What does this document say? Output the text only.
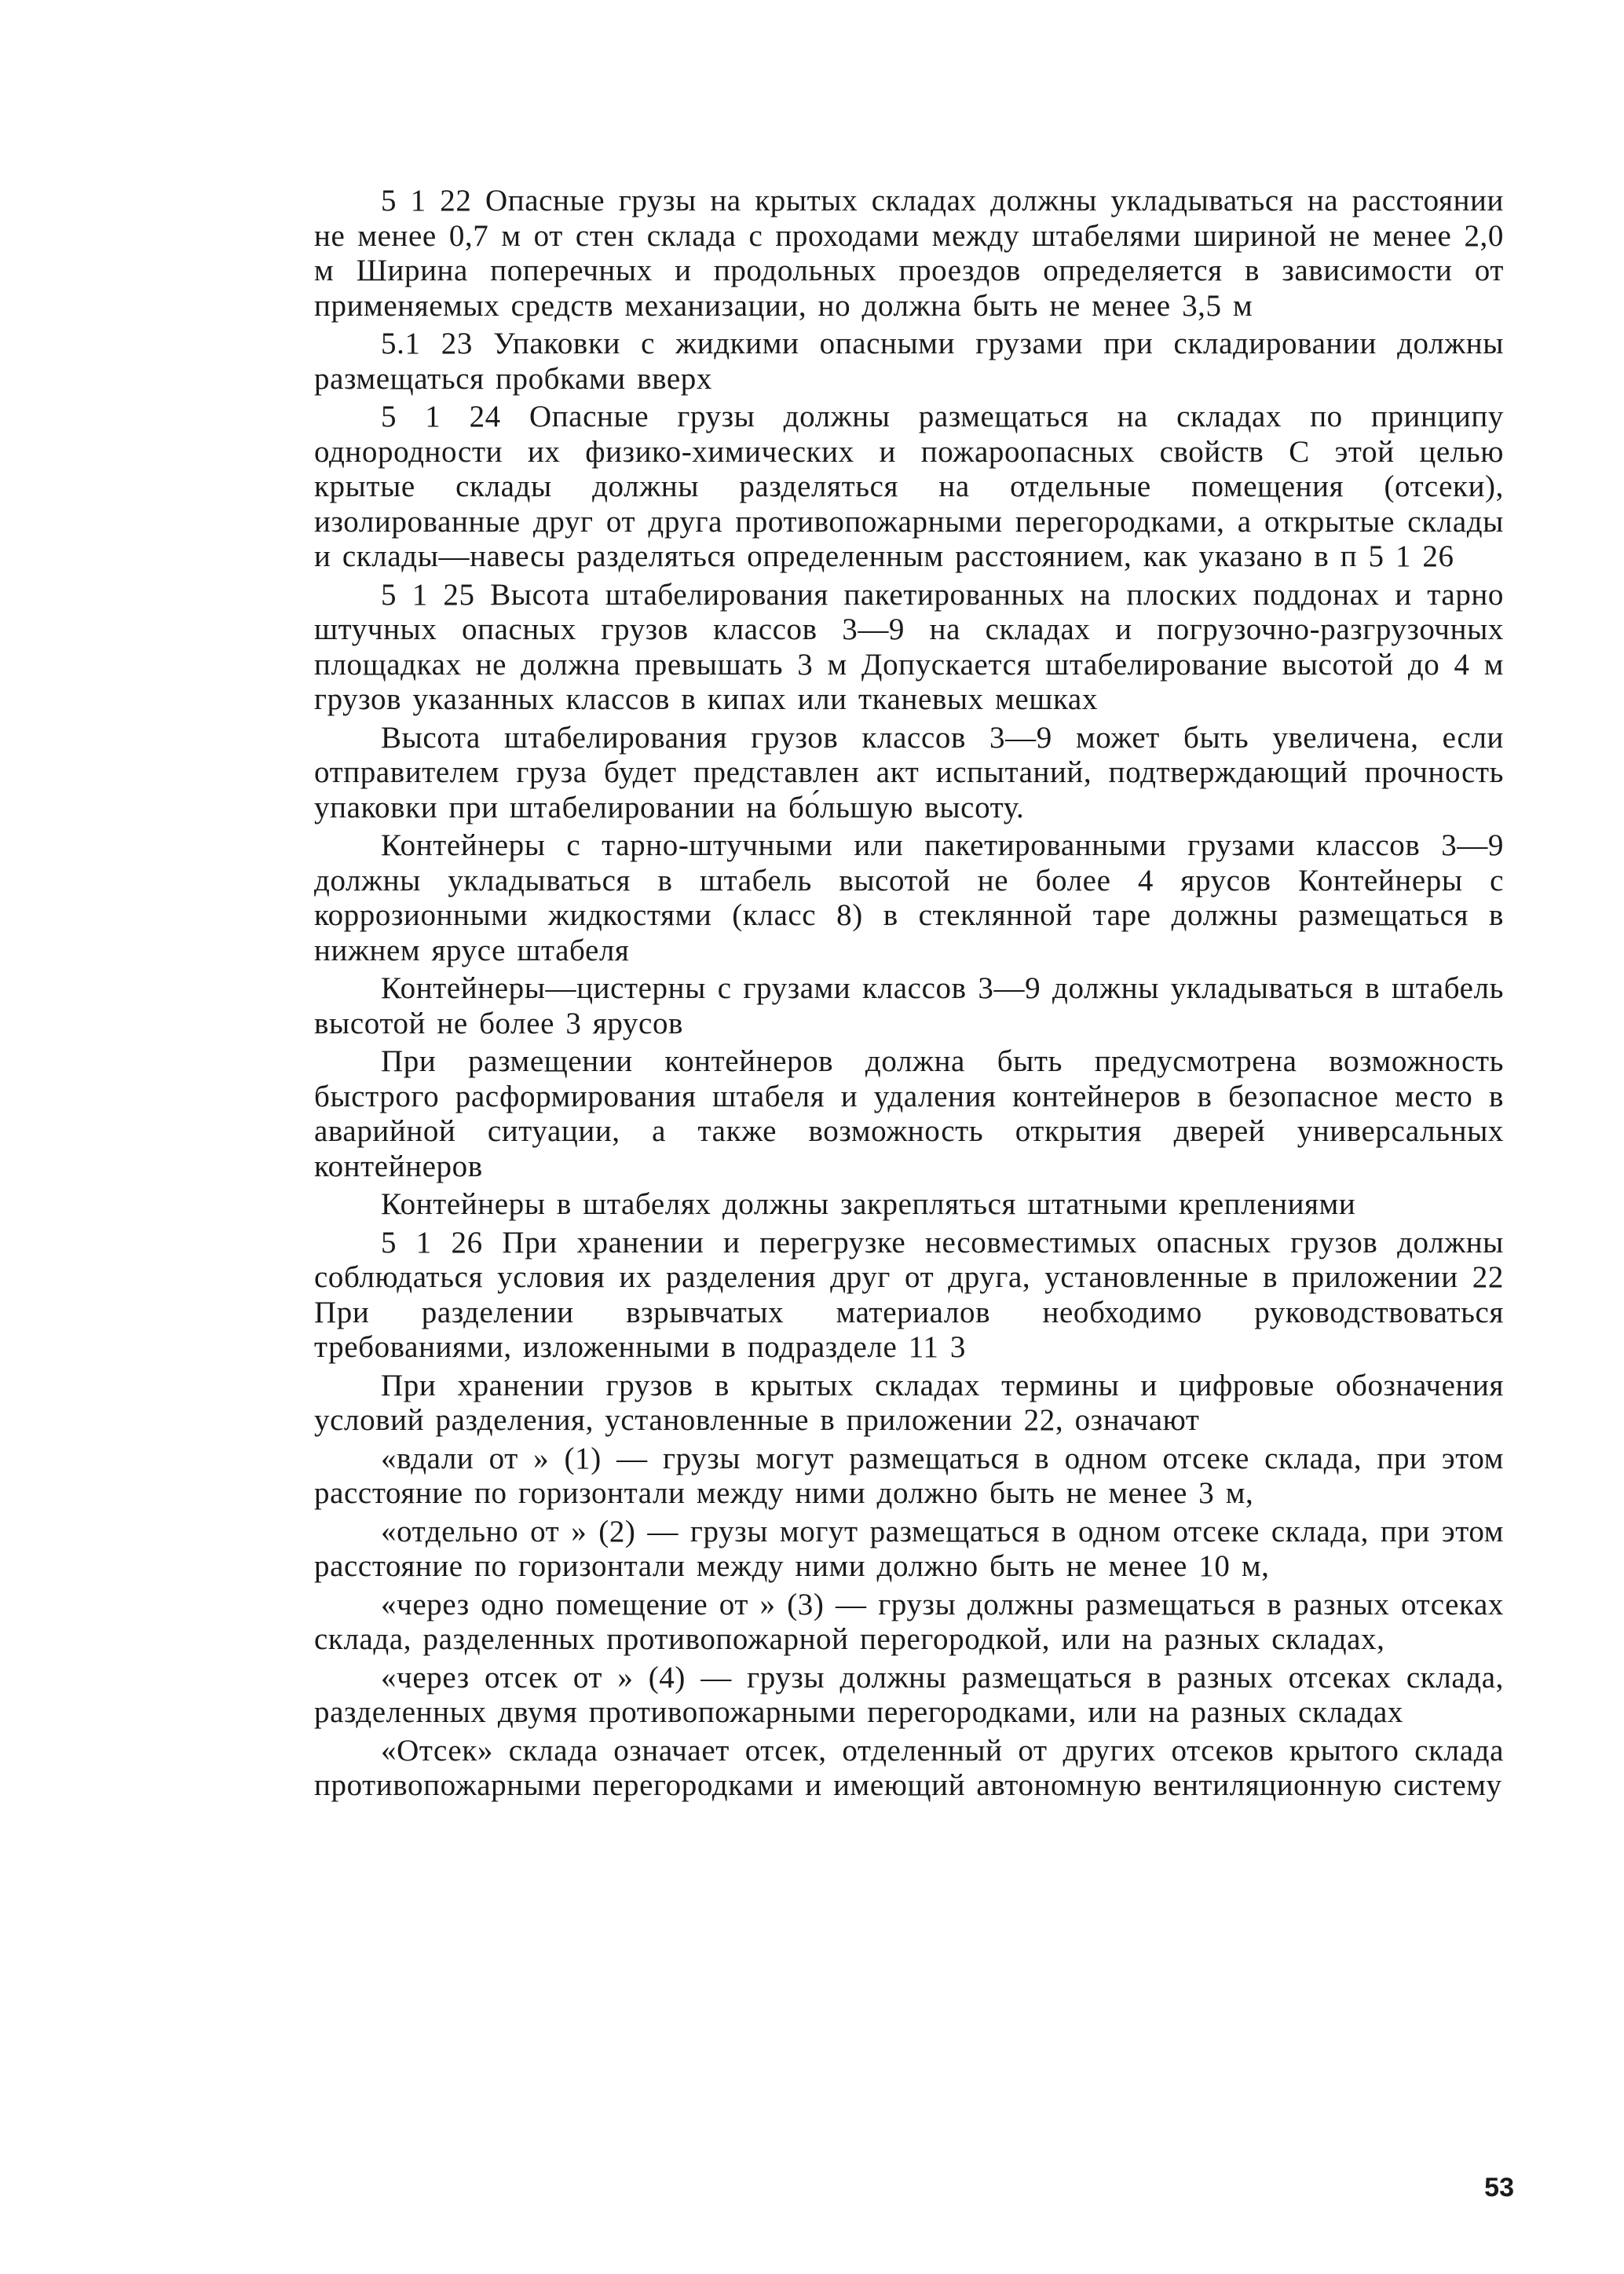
5 1 22 Опасные грузы на крытых складах должны укладываться на расстоянии не менее 0,7 м от стен склада с проходами между штабелями шириной не менее 2,0 м Ширина поперечных и продольных проездов определяется в зависимости от применяемых средств механизации, но должна быть не менее 3,5 м

5.1 23 Упаковки с жидкими опасными грузами при складировании должны размещаться пробками вверх

5 1 24 Опасные грузы должны размещаться на складах по принципу однородности их физико-химических и пожароопасных свойств С этой целью крытые склады должны разделяться на отдельные помещения (отсеки), изолированные друг от друга противопожарными перегородками, а открытые склады и склады—навесы разделяться определенным расстоянием, как указано в п 5 1 26

5 1 25 Высота штабелирования пакетированных на плоских поддонах и тарно штучных опасных грузов классов 3—9 на складах и погрузочно-разгрузочных площадках не должна превышать 3 м Допускается штабелирование высотой до 4 м грузов указанных классов в кипах или тканевых мешках

Высота штабелирования грузов классов 3—9 может быть увеличена, если отправителем груза будет представлен акт испытаний, подтверждающий прочность упаковки при штабелировании на бо́льшую высоту.

Контейнеры с тарно-штучными или пакетированными грузами классов 3—9 должны укладываться в штабель высотой не более 4 ярусов Контейнеры с коррозионными жидкостями (класс 8) в стеклянной таре должны размещаться в нижнем ярусе штабеля

Контейнеры—цистерны с грузами классов 3—9 должны укладываться в штабель высотой не более 3 ярусов

При размещении контейнеров должна быть предусмотрена возможность быстрого расформирования штабеля и удаления контейнеров в безопасное место в аварийной ситуации, а также возможность открытия дверей универсальных контейнеров

Контейнеры в штабелях должны закрепляться штатными креплениями

5 1 26 При хранении и перегрузке несовместимых опасных грузов должны соблюдаться условия их разделения друг от друга, установленные в приложении 22 При разделении взрывчатых материалов необходимо руководствоваться требованиями, изложенными в подразделе 11 3

При хранении грузов в крытых складах термины и цифровые обозначения условий разделения, установленные в приложении 22, означают

«вдали от » (1) — грузы могут размещаться в одном отсеке склада, при этом расстояние по горизонтали между ними должно быть не менее 3 м,

«отдельно от » (2) — грузы могут размещаться в одном отсеке склада, при этом расстояние по горизонтали между ними должно быть не менее 10 м,

«через одно помещение от » (3) — грузы должны размещаться в разных отсеках склада, разделенных противопожарной перегородкой, или на разных складах,

«через отсек от » (4) — грузы должны размещаться в разных отсеках склада, разделенных двумя противопожарными перегородками, или на разных складах

«Отсек» склада означает отсек, отделенный от других отсеков крытого склада противопожарными перегородками и имеющий автономную вентиляционную систему

53
